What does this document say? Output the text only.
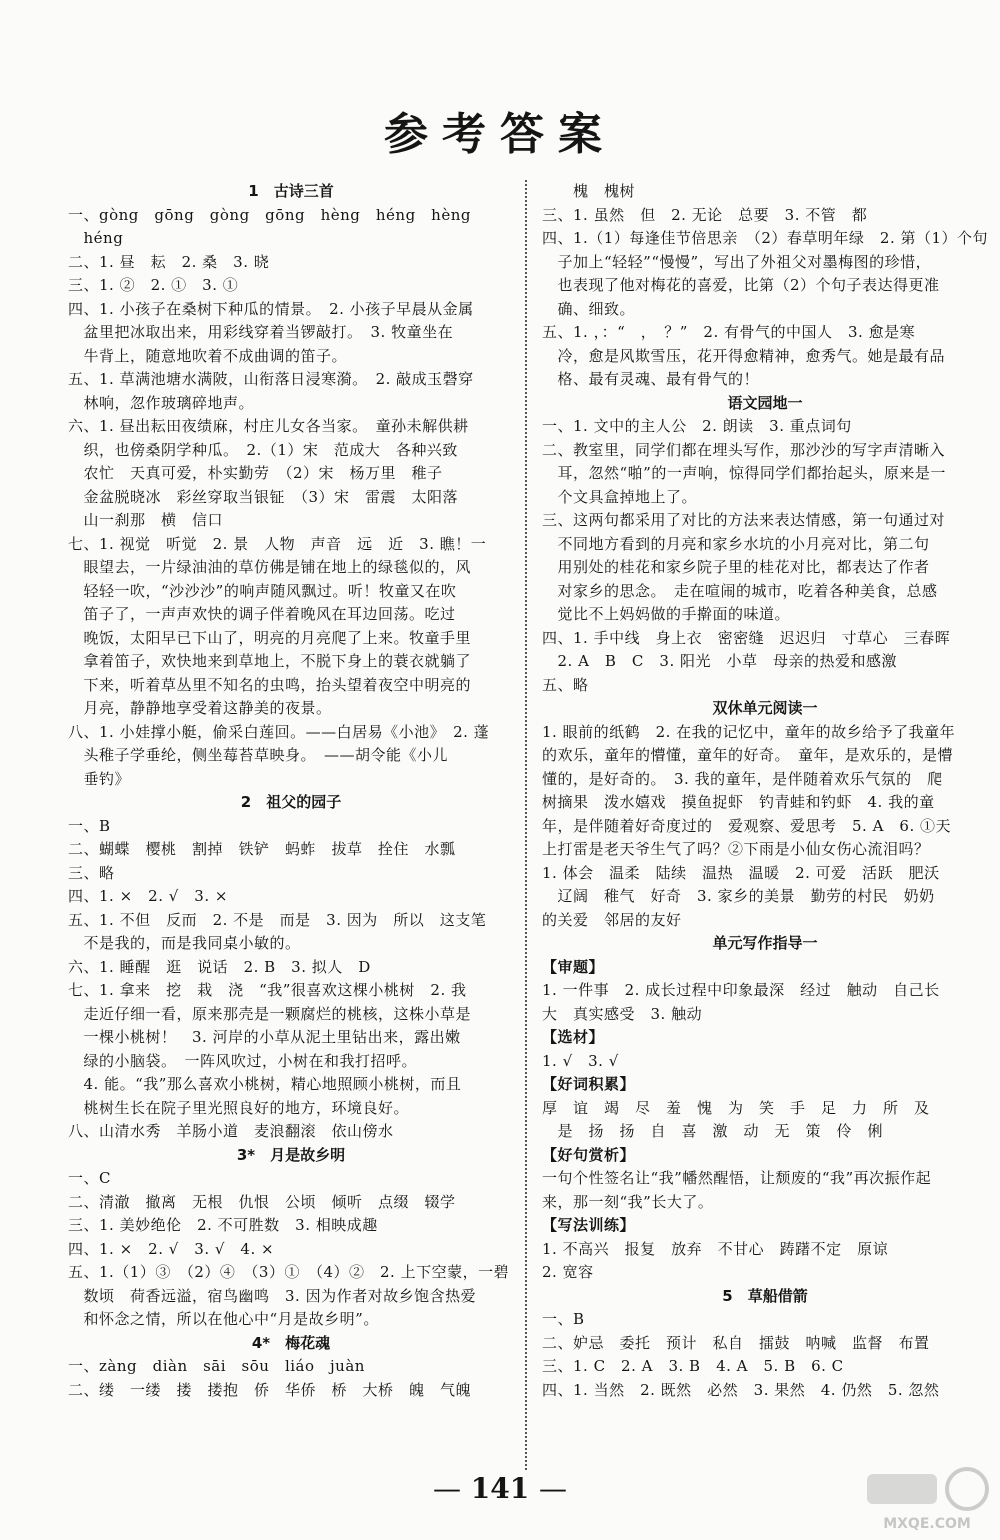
参考答案
1　古诗三首
一、gòng　gōng　gòng　gōng　hèng　héng　hèng
　héng
二、1. 昼　耘　2. 桑　3. 晓
三、1. ②　2. ①　3. ①
四、1. 小孩子在桑树下种瓜的情景。　2. 小孩子早晨从金属
　盆里把冰取出来，用彩线穿着当锣敲打。　3. 牧童坐在
　牛背上，随意地吹着不成曲调的笛子。
五、1. 草满池塘水满陂，山衔落日浸寒漪。　2. 敲成玉磬穿
　林响，忽作玻璃碎地声。
六、1. 昼出耘田夜绩麻，村庄儿女各当家。　童孙未解供耕
　织，也傍桑阴学种瓜。　2.（1）宋　范成大　各种兴致
　农忙　天真可爱，朴实勤劳　（2）宋　杨万里　稚子
　金盆脱晓冰　彩丝穿取当银钲　（3）宋　雷震　太阳落
　山一刹那　横　信口
七、1. 视觉　听觉　2. 景　人物　声音　远　近　3. 瞧！一
　眼望去，一片绿油油的草仿佛是铺在地上的绿毯似的，风
　轻轻一吹，“沙沙沙”的响声随风飘过。听！牧童又在吹
　笛子了，一声声欢快的调子伴着晚风在耳边回荡。吃过
　晚饭，太阳早已下山了，明亮的月亮爬了上来。牧童手里
　拿着笛子，欢快地来到草地上，不脱下身上的蓑衣就躺了
　下来，听着草丛里不知名的虫鸣，抬头望着夜空中明亮的
　月亮，静静地享受着这静美的夜景。
八、1. 小娃撑小艇，偷采白莲回。——白居易《小池》　2. 蓬
　头稚子学垂纶，侧坐莓苔草映身。　——胡令能《小儿
　垂钓》
2　祖父的园子
一、B
二、蝴蝶　樱桃　割掉　铁铲　蚂蚱　拔草　拴住　水瓢
三、略
四、1. ×　2. √　3. ×
五、1. 不但　反而　2. 不是　而是　3. 因为　所以　这支笔
　不是我的，而是我同桌小敏的。
六、1. 睡醒　逛　说话　2. B　3. 拟人　D
七、1. 拿来　挖　栽　浇　“我”很喜欢这棵小桃树　2. 我
　走近仔细一看，原来那壳是一颗腐烂的桃核，这株小草是
　一棵小桃树！　3. 河岸的小草从泥土里钻出来，露出嫩
　绿的小脑袋。　一阵风吹过，小树在和我打招呼。
　4. 能。“我”那么喜欢小桃树，精心地照顾小桃树，而且
　桃树生长在院子里光照良好的地方，环境良好。
八、山清水秀　羊肠小道　麦浪翻滚　依山傍水
3*　月是故乡明
一、C
二、清澈　撤离　无根　仇恨　公顷　倾听　点缀　辍学
三、1. 美妙绝伦　2. 不可胜数　3. 相映成趣
四、1. ×　2. √　3. √　4. ×
五、1.（1）③　（2）④　（3）①　（4）②　2. 上下空蒙，一碧
　数顷　荷香远溢，宿鸟幽鸣　3. 因为作者对故乡饱含热爱
　和怀念之情，所以在他心中“月是故乡明”。
4*　梅花魂
一、zàng　diàn　sāi　sōu　liáo　juàn
二、缕　一缕　搂　搂抱　侨　华侨　桥　大桥　魄　气魄
　　槐　槐树
三、1. 虽然　但　2. 无论　总要　3. 不管　都
四、1.（1）每逢佳节倍思亲　（2）春草明年绿　2. 第（1）个句
　子加上“轻轻”“慢慢”，写出了外祖父对墨梅图的珍惜，
　也表现了他对梅花的喜爱，比第（2）个句子表达得更准
　确、细致。
五、1. ，：“　，　？”　2. 有骨气的中国人　3. 愈是寒
　冷，愈是风欺雪压，花开得愈精神，愈秀气。她是最有品
　格、最有灵魂、最有骨气的！
语文园地一
一、1. 文中的主人公　2. 朗读　3. 重点词句
二、教室里，同学们都在埋头写作，那沙沙的写字声清晰入
　耳，忽然“啪”的一声响，惊得同学们都抬起头，原来是一
　个文具盒掉地上了。
三、这两句都采用了对比的方法来表达情感，第一句通过对
　不同地方看到的月亮和家乡水坑的小月亮对比，第二句
　用别处的桂花和家乡院子里的桂花对比，都表达了作者
　对家乡的思念。　走在喧闹的城市，吃着各种美食，总感
　觉比不上妈妈做的手擀面的味道。
四、1. 手中线　身上衣　密密缝　迟迟归　寸草心　三春晖
　2. A　B　C　3. 阳光　小草　母亲的热爱和感激
五、略
双休单元阅读一
1. 眼前的纸鹤　2. 在我的记忆中，童年的故乡给予了我童年
的欢乐，童年的懵懂，童年的好奇。　童年，是欢乐的，是懵
懂的，是好奇的。　3. 我的童年，是伴随着欢乐气氛的　爬
树摘果　泼水嬉戏　摸鱼捉虾　钓青蛙和钓虾　4. 我的童
年，是伴随着好奇度过的　爱观察、爱思考　5. A　6. ①天
上打雷是老天爷生气了吗？②下雨是小仙女伤心流泪吗？
1. 体会　温柔　陆续　温热　温暖　2. 可爱　活跃　肥沃
　辽阔　稚气　好奇　3. 家乡的美景　勤劳的村民　奶奶
的关爱　邻居的友好
单元写作指导一
【审题】
1. 一件事　2. 成长过程中印象最深　经过　触动　自己长
大　真实感受　3. 触动
【选材】
1. √　3. √
【好词积累】
厚　谊　竭　尽　羞　愧　为　笑　手　足　力　所　及
　是　扬　扬　自　喜　激　动　无　策　伶　俐
【好句赏析】
一句个性签名让“我”幡然醒悟，让颓废的“我”再次振作起
来，那一刻“我”长大了。
【写法训练】
1. 不高兴　报复　放弃　不甘心　踌躇不定　原谅
2. 宽容
5　草船借箭
一、B
二、妒忌　委托　预计　私自　擂鼓　呐喊　监督　布置
三、1. C　2. A　3. B　4. A　5. B　6. C
四、1. 当然　2. 既然　必然　3. 果然　4. 仍然　5. 忽然
— 141 —
MXQE.COM
